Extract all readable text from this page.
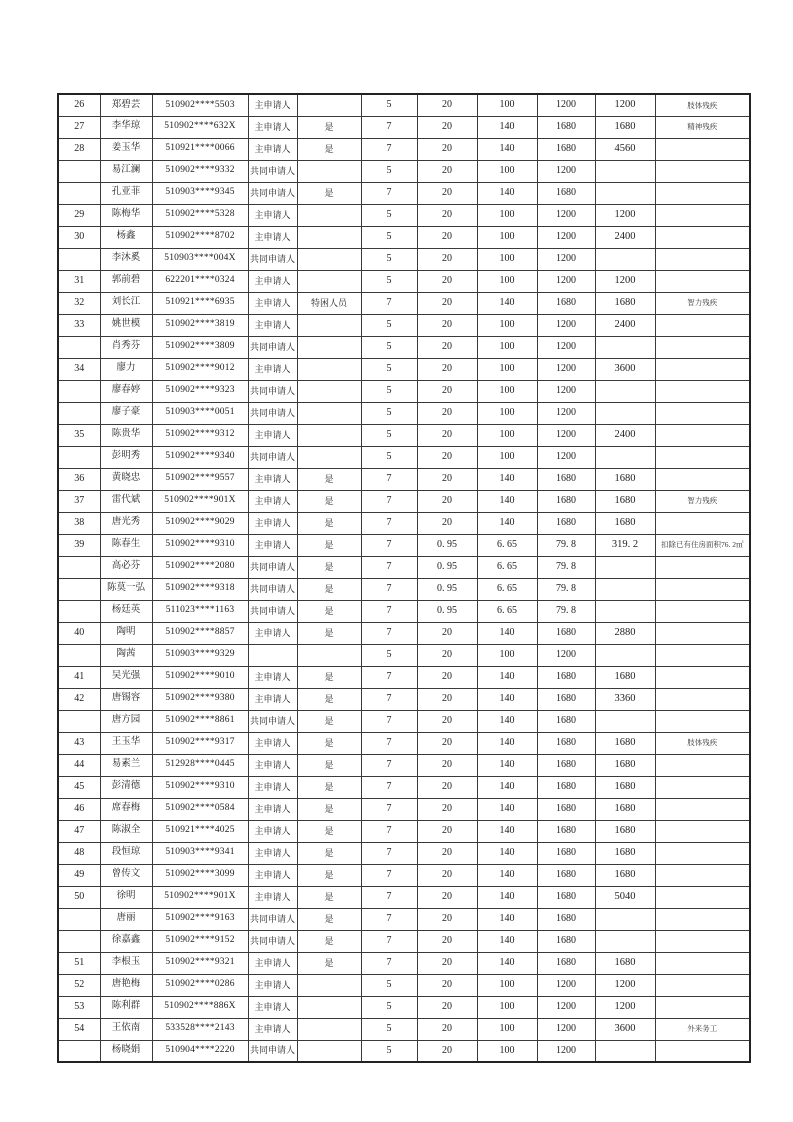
26	郑碧芸	510902****5503	主申请人		5	20	100	1200	1200	肢体残疾
27	李华琼	510902****632X	主申请人	是	7	20	140	1680	1680	精神残疾
28	姜玉华	510921****0066	主申请人	是	7	20	140	1680	4560	
	易江澜	510902****9332	共同申请人		5	20	100	1200		
	孔亚菲	510903****9345	共同申请人	是	7	20	140	1680		
29	陈梅华	510902****5328	主申请人		5	20	100	1200	1200	
30	杨鑫	510902****8702	主申请人		5	20	100	1200	2400	
	李沐奚	510903****004X	共同申请人		5	20	100	1200		
31	郭前碧	622201****0324	主申请人		5	20	100	1200	1200	
32	刘长江	510921****6935	主申请人	特困人员	7	20	140	1680	1680	智力残疾
33	姚世模	510902****3819	主申请人		5	20	100	1200	2400	
	肖秀芬	510902****3809	共同申请人		5	20	100	1200		
34	廖力	510902****9012	主申请人		5	20	100	1200	3600	
	廖春婷	510902****9323	共同申请人		5	20	100	1200		
	廖子豪	510903****0051	共同申请人		5	20	100	1200		
35	陈贵华	510902****9312	主申请人		5	20	100	1200	2400	
	彭明秀	510902****9340	共同申请人		5	20	100	1200		
36	黄晓忠	510902****9557	主申请人	是	7	20	140	1680	1680	
37	雷代斌	510902****901X	主申请人	是	7	20	140	1680	1680	智力残疾
38	唐光秀	510902****9029	主申请人	是	7	20	140	1680	1680	
39	陈春生	510902****9310	主申请人	是	7	0. 95	6. 65	79. 8	319. 2	扣除已有住房面积76. 2㎡
	高必芬	510902****2080	共同申请人	是	7	0. 95	6. 65	79. 8		
	陈莫一弘	510902****9318	共同申请人	是	7	0. 95	6. 65	79. 8		
	杨廷英	511023****1163	共同申请人	是	7	0. 95	6. 65	79. 8		
40	陶明	510902****8857	主申请人	是	7	20	140	1680	2880	
	陶茜	510903****9329			5	20	100	1200		
41	吴光强	510902****9010	主申请人	是	7	20	140	1680	1680	
42	唐锡容	510902****9380	主申请人	是	7	20	140	1680	3360	
	唐方园	510902****8861	共同申请人	是	7	20	140	1680		
43	王玉华	510902****9317	主申请人	是	7	20	140	1680	1680	肢体残疾
44	易素兰	512928****0445	主申请人	是	7	20	140	1680	1680	
45	彭清德	510902****9310	主申请人	是	7	20	140	1680	1680	
46	席春梅	510902****0584	主申请人	是	7	20	140	1680	1680	
47	陈淑全	510921****4025	主申请人	是	7	20	140	1680	1680	
48	段恒琼	510903****9341	主申请人	是	7	20	140	1680	1680	
49	曾传文	510902****3099	主申请人	是	7	20	140	1680	1680	
50	徐明	510902****901X	主申请人	是	7	20	140	1680	5040	
	唐丽	510902****9163	共同申请人	是	7	20	140	1680		
	徐嘉鑫	510902****9152	共同申请人	是	7	20	140	1680		
51	李根玉	510902****9321	主申请人	是	7	20	140	1680	1680	
52	唐艳梅	510902****0286	主申请人		5	20	100	1200	1200	
53	陈利群	510902****886X	主申请人		5	20	100	1200	1200	
54	王依南	533528****2143	主申请人		5	20	100	1200	3600	外来务工
	杨晓娟	510904****2220	共同申请人		5	20	100	1200		
